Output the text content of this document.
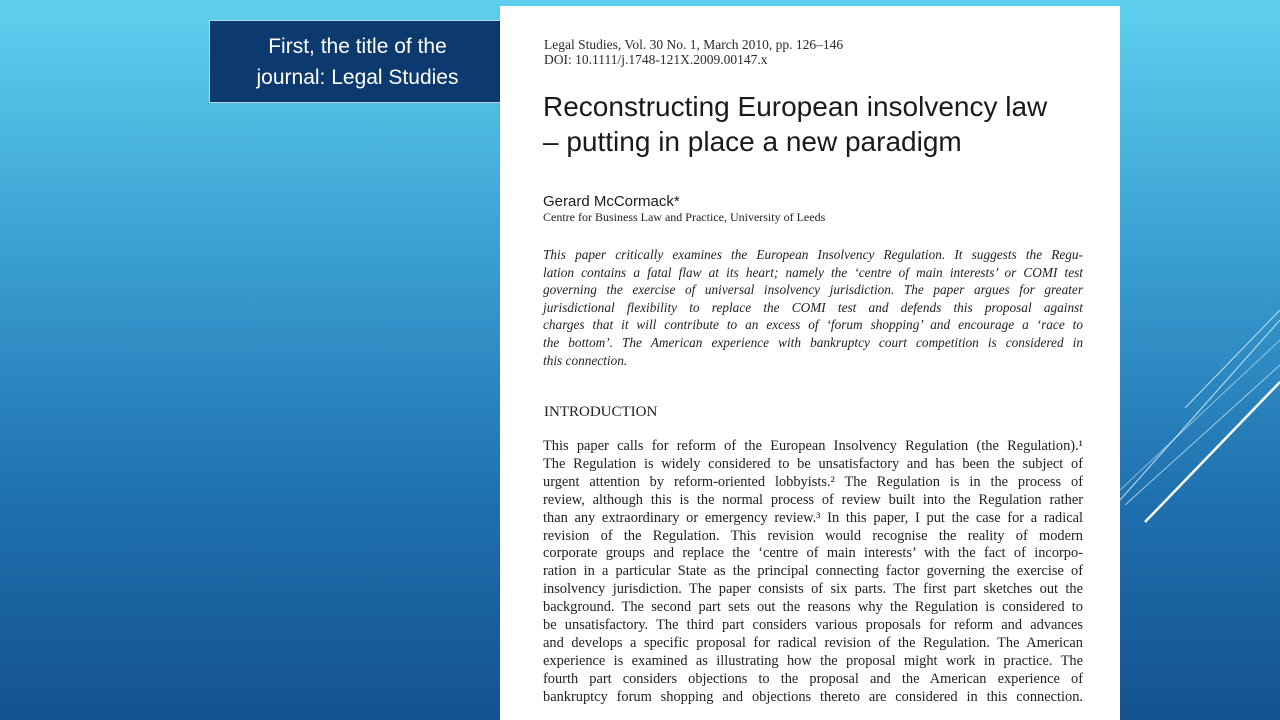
First, the title of the
journal: Legal Studies
Legal Studies, Vol. 30 No. 1, March 2010, pp. 126–146
DOI: 10.1111/j.1748-121X.2009.00147.x
Reconstructing European insolvency law
– putting in place a new paradigm
Gerard McCormack*
Centre for Business Law and Practice, University of Leeds
This paper critically examines the European Insolvency Regulation. It suggests the Regu-
lation contains a fatal flaw at its heart; namely the ‘centre of main interests’ or COMI test
governing the exercise of universal insolvency jurisdiction. The paper argues for greater
jurisdictional flexibility to replace the COMI test and defends this proposal against
charges that it will contribute to an excess of ‘forum shopping’ and encourage a ‘race to
the bottom’. The American experience with bankruptcy court competition is considered in
this connection.
INTRODUCTION
This paper calls for reform of the European Insolvency Regulation (the Regulation).¹
The Regulation is widely considered to be unsatisfactory and has been the subject of
urgent attention by reform-oriented lobbyists.² The Regulation is in the process of
review, although this is the normal process of review built into the Regulation rather
than any extraordinary or emergency review.³ In this paper, I put the case for a radical
revision of the Regulation. This revision would recognise the reality of modern
corporate groups and replace the ‘centre of main interests’ with the fact of incorpo-
ration in a particular State as the principal connecting factor governing the exercise of
insolvency jurisdiction. The paper consists of six parts. The first part sketches out the
background. The second part sets out the reasons why the Regulation is considered to
be unsatisfactory. The third part considers various proposals for reform and advances
and develops a specific proposal for radical revision of the Regulation. The American
experience is examined as illustrating how the proposal might work in practice. The
fourth part considers objections to the proposal and the American experience of
bankruptcy forum shopping and objections thereto are considered in this connection.
